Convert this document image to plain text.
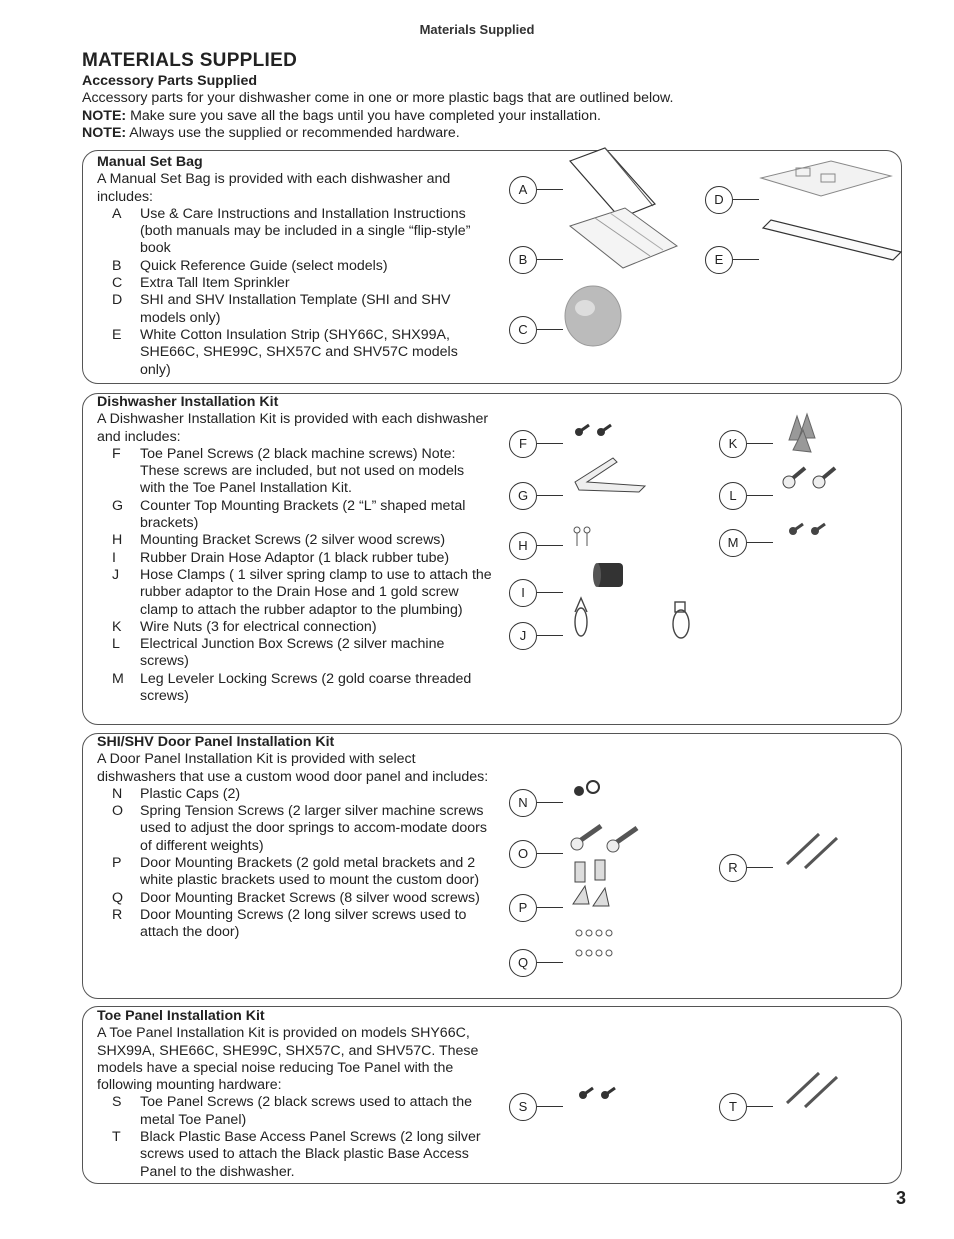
Materials Supplied
MATERIALS SUPPLIED
Accessory Parts Supplied
Accessory parts for your dishwasher come in one or more plastic bags that are outlined below.
NOTE: Make sure you save all the bags until you have completed your installation.
NOTE: Always use the supplied or recommended hardware.
Manual Set Bag
A Manual Set Bag is provided with each dishwasher and includes:
A	Use & Care Instructions and Installation Instructions (both manuals may be included in a single “flip-style” book
B	Quick Reference Guide (select models)
C	Extra Tall Item Sprinkler
D	SHI and SHV Installation Template (SHI and SHV models only)
E	White Cotton Insulation Strip (SHY66C, SHX99A, SHE66C, SHE99C, SHX57C and SHV57C models only)
A
B
C
D
E
Dishwasher Installation Kit
A Dishwasher Installation Kit is provided with each dishwasher and includes:
F	Toe Panel Screws (2 black machine screws) Note: These screws are included, but not used on models with the Toe Panel Installation Kit.
G	Counter Top Mounting Brackets (2 “L” shaped metal brackets)
H	Mounting Bracket Screws (2 silver wood screws)
I	Rubber Drain Hose Adaptor (1 black rubber tube)
J	Hose Clamps ( 1 silver spring clamp to use to attach the rubber adaptor to the Drain Hose and 1 gold screw clamp to attach the rubber adaptor to the plumbing)
K	Wire Nuts (3 for electrical connection)
L	Electrical Junction Box Screws (2 silver machine screws)
M	Leg Leveler Locking Screws (2 gold coarse threaded screws)
F
G
H
I
J
K
L
M
SHI/SHV Door Panel Installation Kit
A Door Panel Installation Kit is provided with select dishwashers that use a custom wood door panel and includes:
N	Plastic Caps (2)
O	Spring Tension Screws (2 larger silver machine screws used to adjust the door springs to accom-modate doors of different weights)
P	Door Mounting Brackets (2 gold metal brackets and 2 white plastic brackets used to mount the custom door)
Q	Door Mounting Bracket Screws (8 silver wood screws)
R	Door Mounting Screws (2 long silver screws used to attach the door)
N
O
P
Q
R
Toe Panel Installation Kit
A Toe Panel Installation Kit is provided on models SHY66C, SHX99A, SHE66C, SHE99C, SHX57C, and SHV57C. These models have a special noise reducing Toe Panel with the following mounting hardware:
S	Toe Panel Screws (2 black screws used to attach the metal Toe Panel)
T	Black Plastic Base Access Panel Screws (2 long silver screws used to attach the Black plastic Base Access Panel to the dishwasher.
S	T
3
